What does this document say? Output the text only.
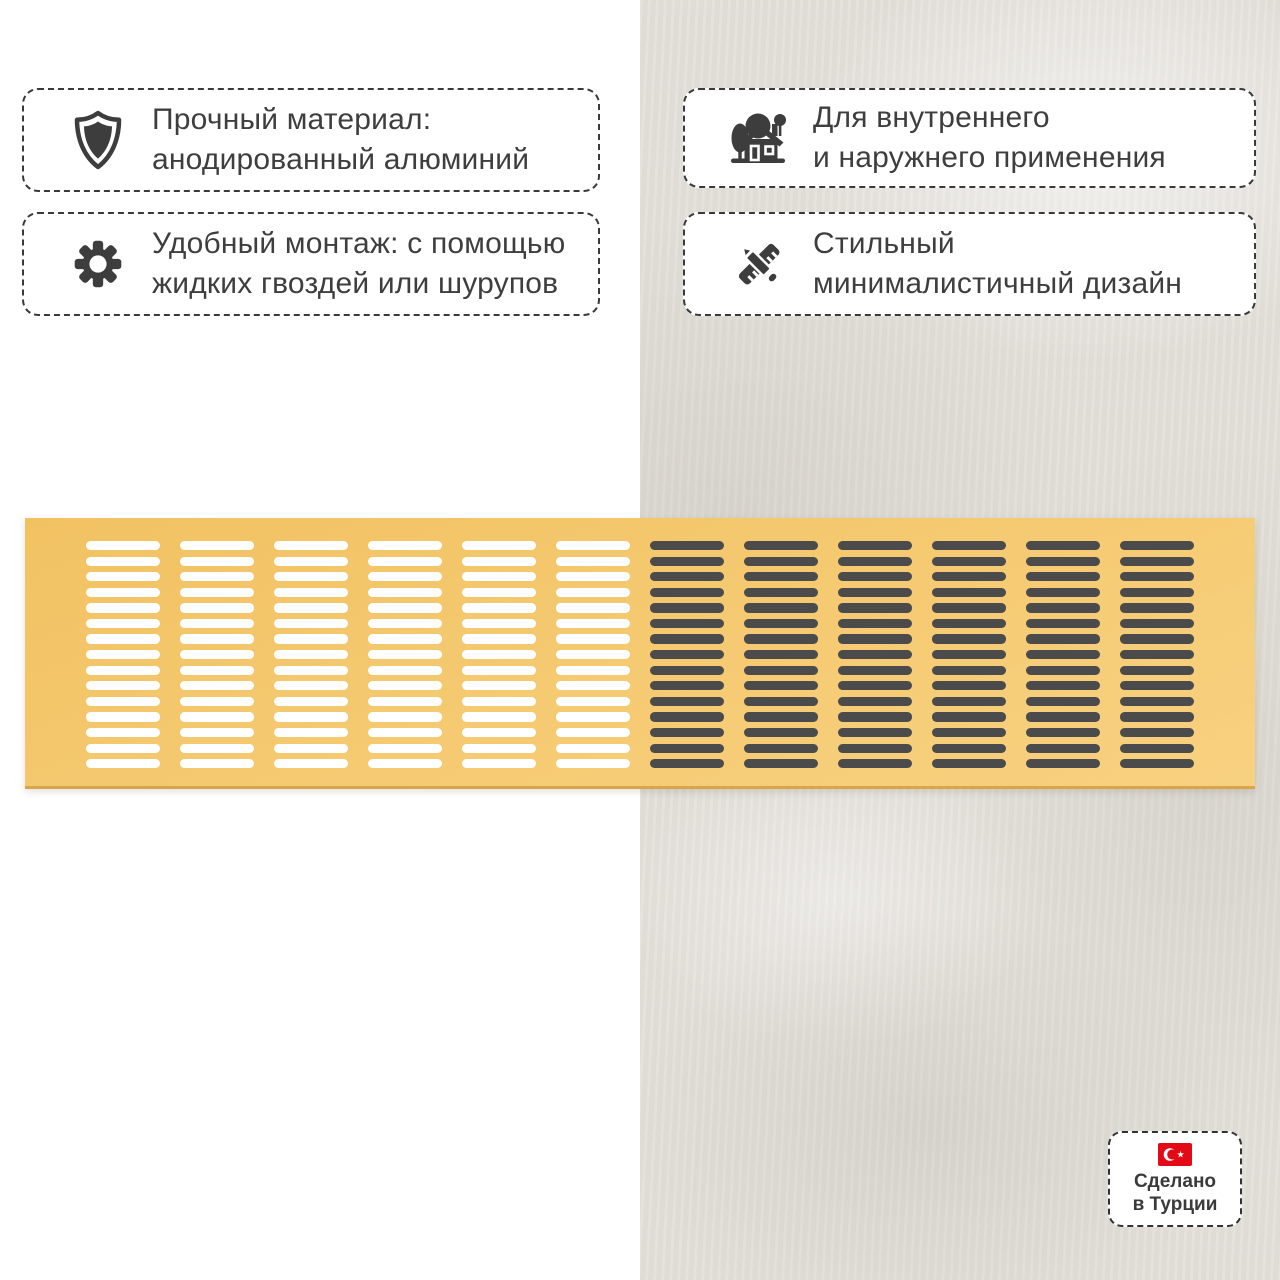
Прочный материал:
анодированный алюминий
Удобный монтаж: с помощью
жидких гвоздей или шурупов
Для внутреннего
и наружнего применения
Стильный
минималистичный дизайн
Сделано
в Турции
